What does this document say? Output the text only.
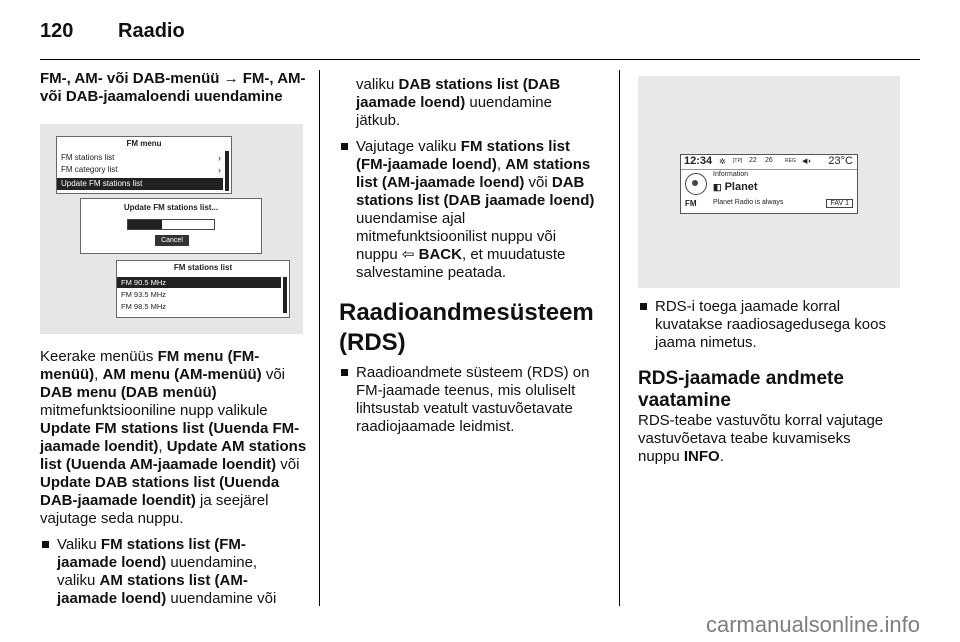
120 Raadio

FM-, AM- või DAB-menüü → FM-, AM-
või DAB-jaamaloendi uuendamine

FM menu
FM stations list	›
FM category list	›
Update FM stations list
Update FM stations list...
Cancel
FM stations list
FM 90.5 MHz
FM 93.5 MHz
FM 98.5 MHz

Keerake menüüs FM menu (FM-
menüü), AM menu (AM-menüü) või
DAB menu (DAB menüü)
mitmefunktsiooniline nupp valikule
Update FM stations list (Uuenda FM-
jaamade loendit), Update AM stations
list (Uuenda AM-jaamade loendit) või
Update DAB stations list (Uuenda
DAB-jaamade loendit) ja seejärel
vajutage seda nuppu.

Valiku FM stations list (FM-
jaamade loend) uuendamine,
valiku AM stations list (AM-
jaamade loend) uuendamine või

valiku DAB stations list (DAB
jaamade loend) uuendamine
jätkub.

Vajutage valiku FM stations list
(FM-jaamade loend), AM stations
list (AM-jaamade loend) või DAB
stations list (DAB jaamade loend)
uuendamise ajal
mitmefunktsioonilist nuppu või
nuppu ⇦ BACK, et muudatuste
salvestamine peatada.

Raadioandmesüsteem
(RDS)

Raadioandmete süsteem (RDS) on
FM-jaamade teenus, mis oluliselt
lihtsustab veatult vastuvõetavate
raadiojaamade leidmist.
12:34 ✲ [TP] 22 26 REG ◀◗ 23°C
Information
◧ Planet
FM Planet Radio is always	FAV 1
RDS-i toega jaamade korral
kuvatakse raadiosagedusega koos
jaama nimetus.

RDS-jaamade andmete
vaatamine

RDS-teabe vastuvõtu korral vajutage
vastuvõetava teabe kuvamiseks
nuppu INFO.

carmanualsonline.info
